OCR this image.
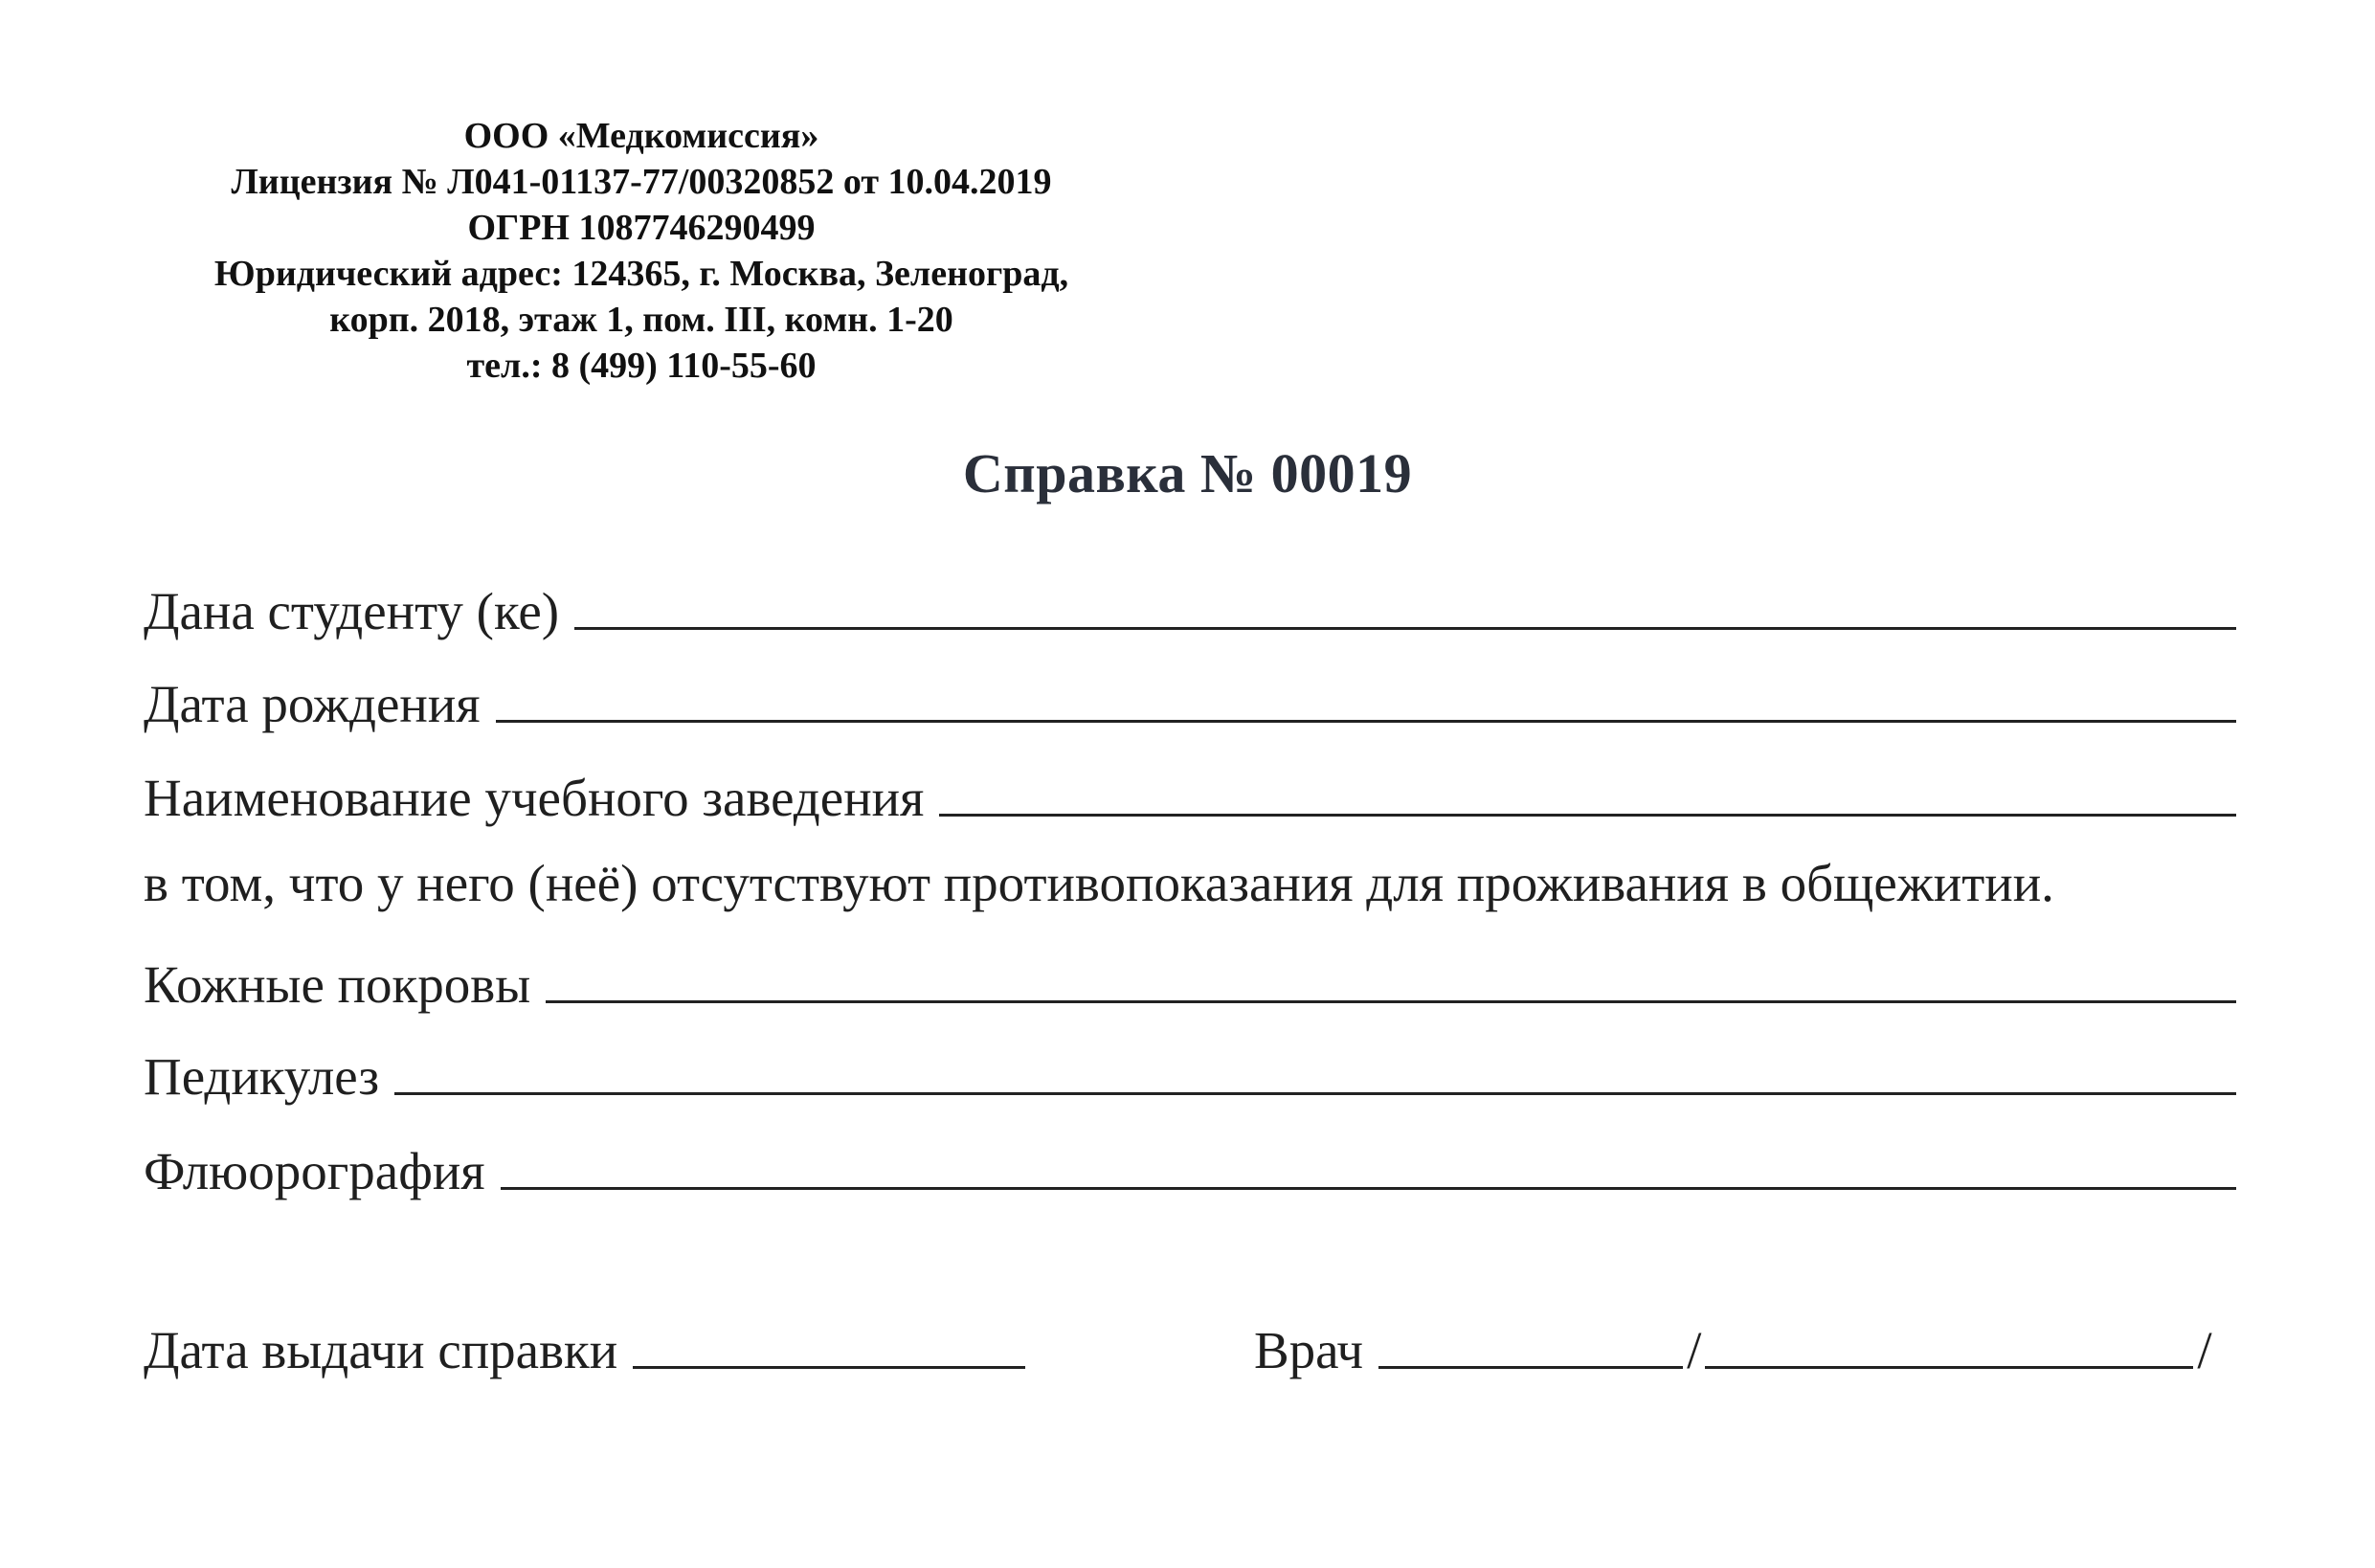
ООО «Медкомиссия»
Лицензия № Л041-01137-77/00320852 от 10.04.2019
ОГРН 1087746290499
Юридический адрес: 124365, г. Москва, Зеленоград,
корп. 2018, этаж 1, пом. III, комн. 1-20
тел.: 8 (499) 110-55-60
Справка № 00019
Дана студенту (ке)
Дата рождения
Наименование учебного заведения
в том, что у него (неё) отсутствуют противопоказания для проживания в общежитии.
Кожные покровы
Педикулез
Флюорография
Дата выдачи справки	Врач	/	/
